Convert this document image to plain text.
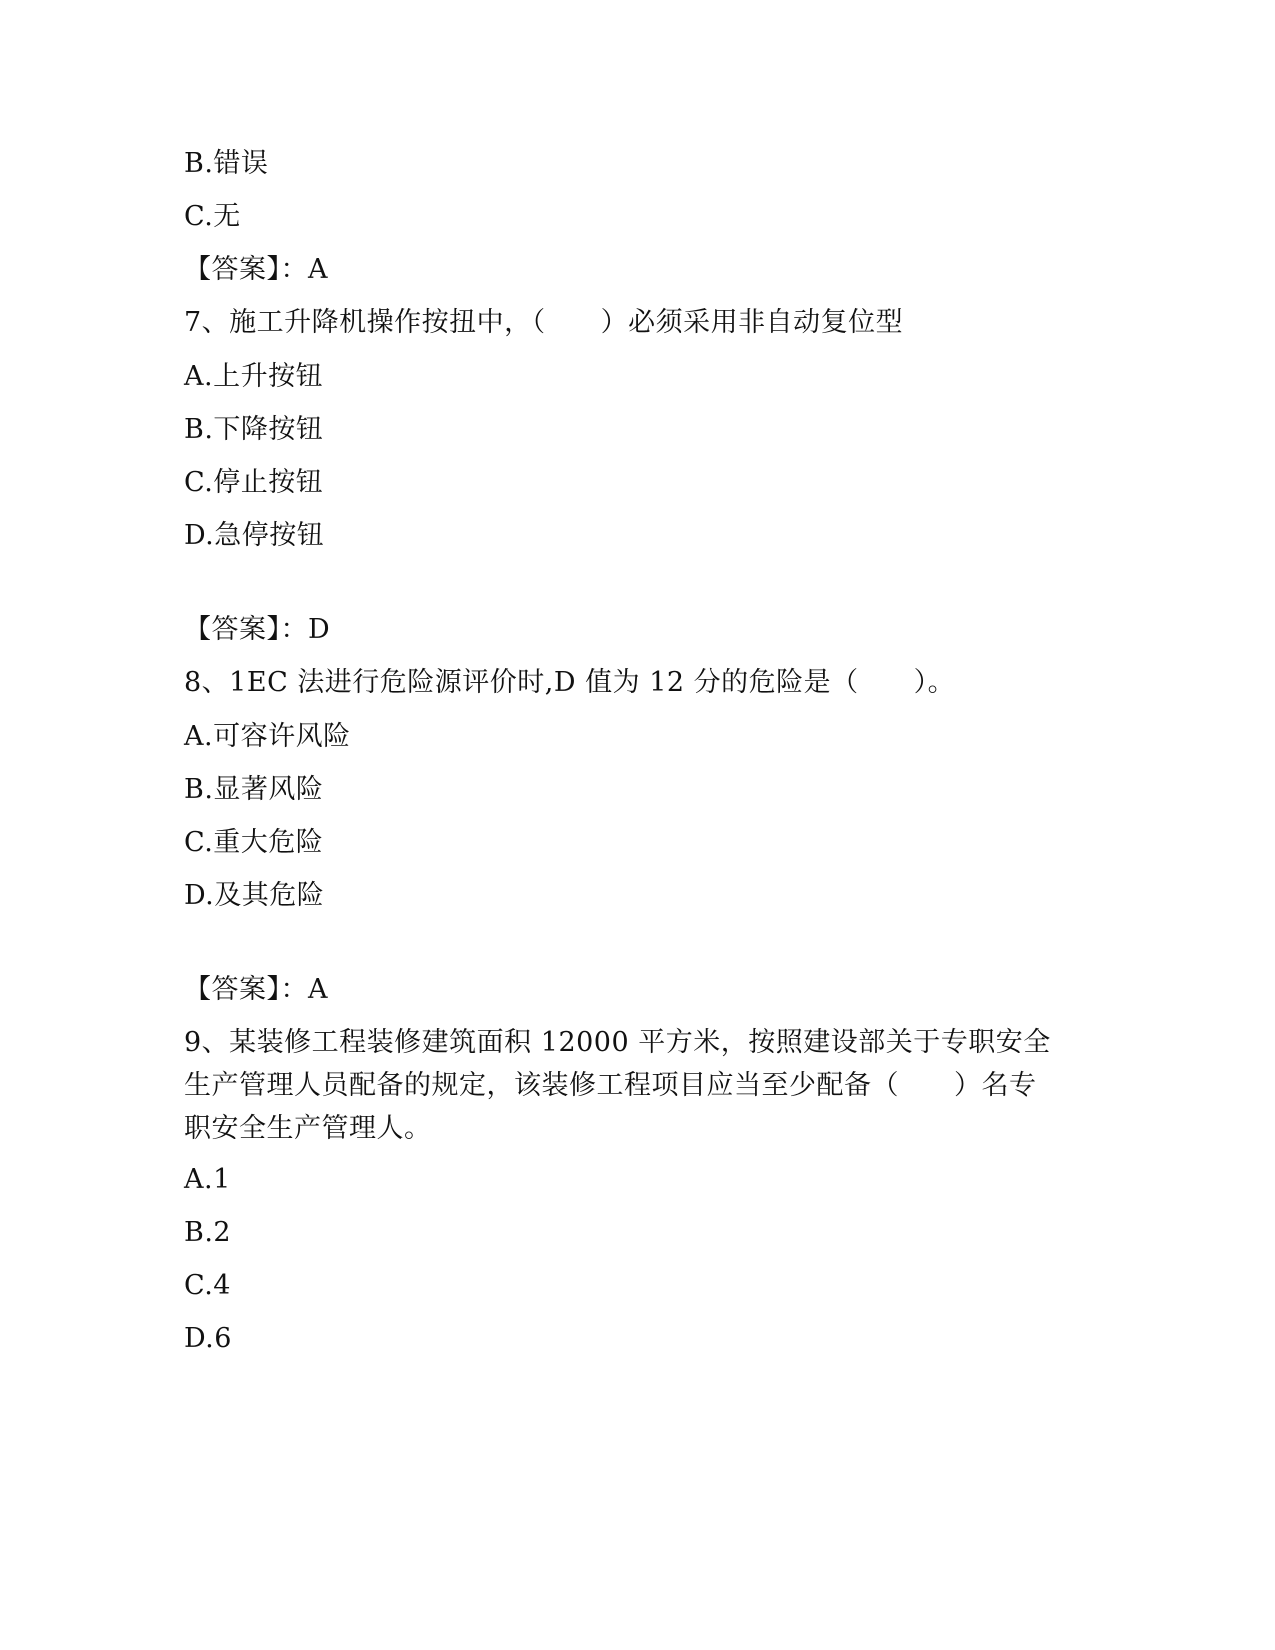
B.错误
C.无
【答案】：A
7、施工升降机操作按扭中，（　　）必须采用非自动复位型
A.上升按钮
B.下降按钮
C.停止按钮
D.急停按钮
【答案】：D
8、1EC 法进行危险源评价时,D 值为 12 分的危险是（　　）。
A.可容许风险
B.显著风险
C.重大危险
D.及其危险
【答案】：A
9、某装修工程装修建筑面积 12000 平方米，按照建设部关于专职安全
生产管理人员配备的规定，该装修工程项目应当至少配备（　　）名专
职安全生产管理人。
A.1
B.2
C.4
D.6
